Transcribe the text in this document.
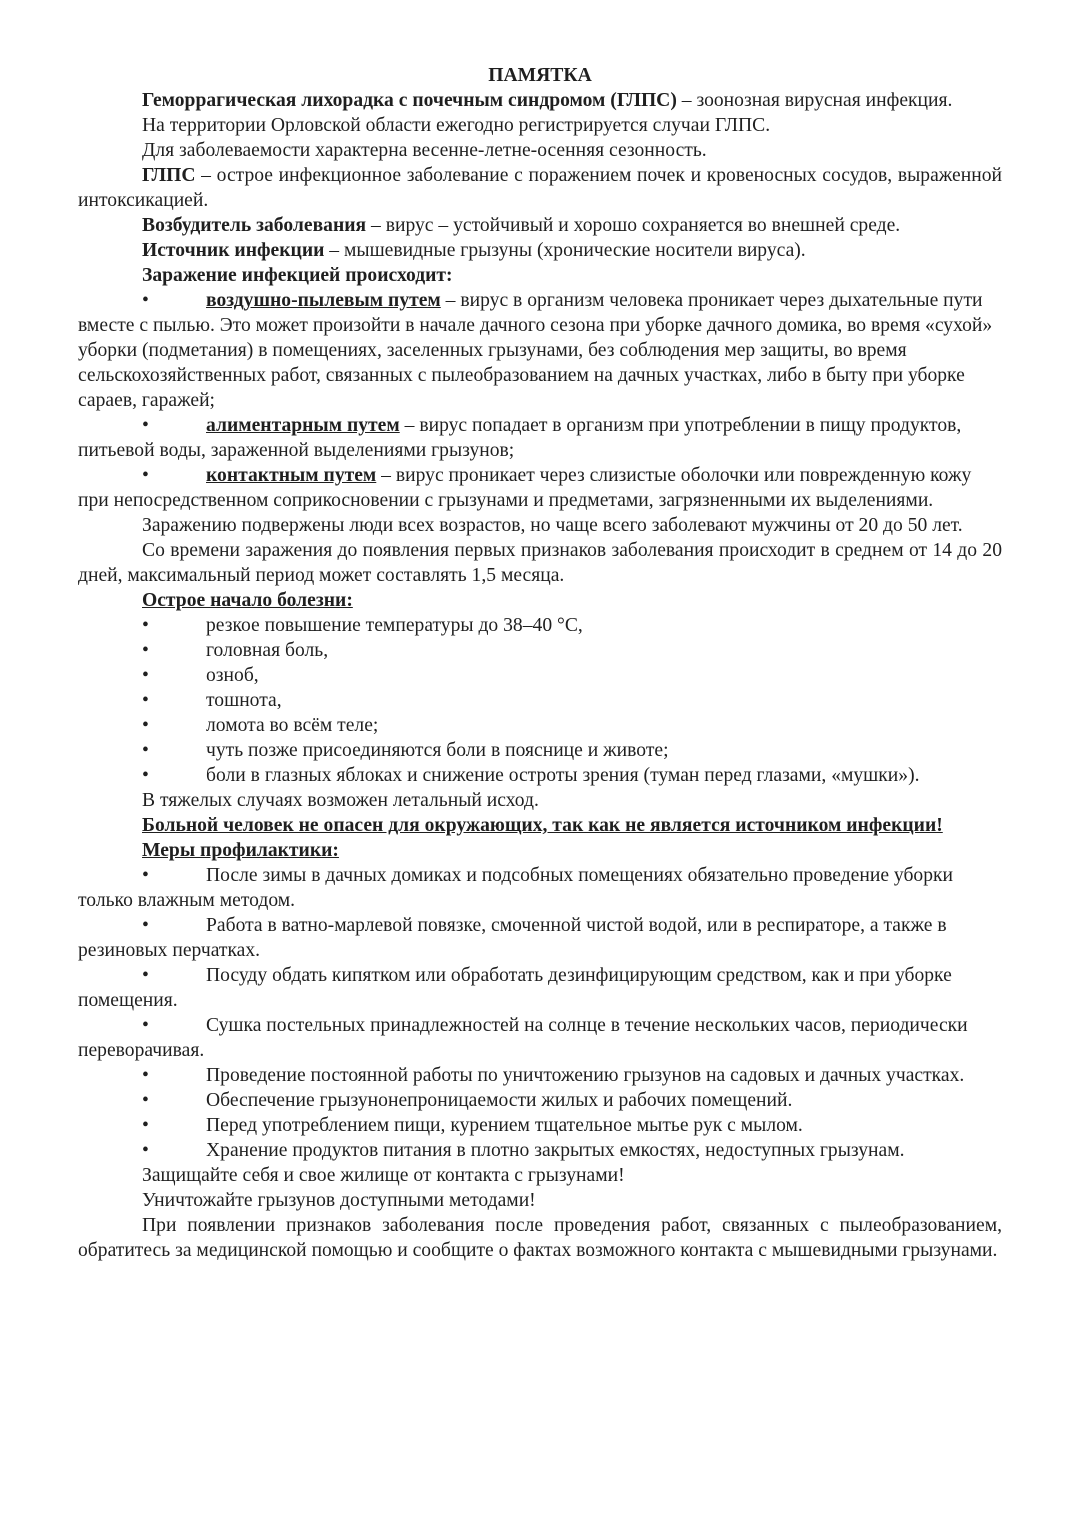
ПАМЯТКА

Геморрагическая лихорадка с почечным синдромом (ГЛПС) – зоонозная вирусная инфекция.

На территории Орловской области ежегодно регистрируется случаи ГЛПС.

Для заболеваемости характерна весенне-летне-осенняя сезонность.

ГЛПС – острое инфекционное заболевание с поражением почек и кровеносных сосудов, выраженной интоксикацией.

Возбудитель заболевания – вирус – устойчивый и хорошо сохраняется во внешней среде.

Источник инфекции – мышевидные грызуны (хронические носители вируса).

Заражение инфекцией происходит:

•	воздушно-пылевым путем – вирус в организм человека проникает через дыхательные пути вместе с пылью. Это может произойти в начале дачного сезона при уборке дачного домика, во время «сухой» уборки (подметания) в помещениях, заселенных грызунами, без соблюдения мер защиты, во время сельскохозяйственных работ, связанных с пылеобразованием на дачных участках, либо в быту при уборке сараев, гаражей;

•	алиментарным путем – вирус попадает в организм при употреблении в пищу продуктов, питьевой воды, зараженной выделениями грызунов;

•	контактным путем – вирус проникает через слизистые оболочки или поврежденную кожу при непосредственном соприкосновении с грызунами и предметами, загрязненными их выделениями.

Заражению подвержены люди всех возрастов, но чаще всего заболевают мужчины от 20 до 50 лет.

Со времени заражения до появления первых признаков заболевания происходит в среднем от 14 до 20 дней, максимальный период может составлять 1,5 месяца.

Острое начало болезни:

• резкое повышение температуры до 38–40 °С,

• головная боль,

• озноб,

• тошнота,

• ломота во всём теле;

• чуть позже присоединяются боли в пояснице и животе;

• боли в глазных яблоках и снижение остроты зрения (туман перед глазами, «мушки»).

В тяжелых случаях возможен летальный исход.

Больной человек не опасен для окружающих, так как не является источником инфекции!

Меры профилактики:

•	После зимы в дачных домиках и подсобных помещениях обязательно проведение уборки только влажным методом.

•	Работа в ватно-марлевой повязке, смоченной чистой водой, или в респираторе, а также в резиновых перчатках.

•	Посуду обдать кипятком или обработать дезинфицирующим средством, как и при уборке помещения.

•	Сушка постельных принадлежностей на солнце в течение нескольких часов, периодически переворачивая.

•	Проведение постоянной работы по уничтожению грызунов на садовых и дачных участках.

•	Обеспечение грызунонепроницаемости жилых и рабочих помещений.

•	Перед употреблением пищи, курением тщательное мытье рук с мылом.

•	Хранение продуктов питания в плотно закрытых емкостях, недоступных грызунам.

Защищайте себя и свое жилище от контакта с грызунами!

Уничтожайте грызунов доступными методами!

При появлении признаков заболевания после проведения работ, связанных с пылеобразованием, обратитесь за медицинской помощью и сообщите о фактах возможного контакта с мышевидными грызунами.
